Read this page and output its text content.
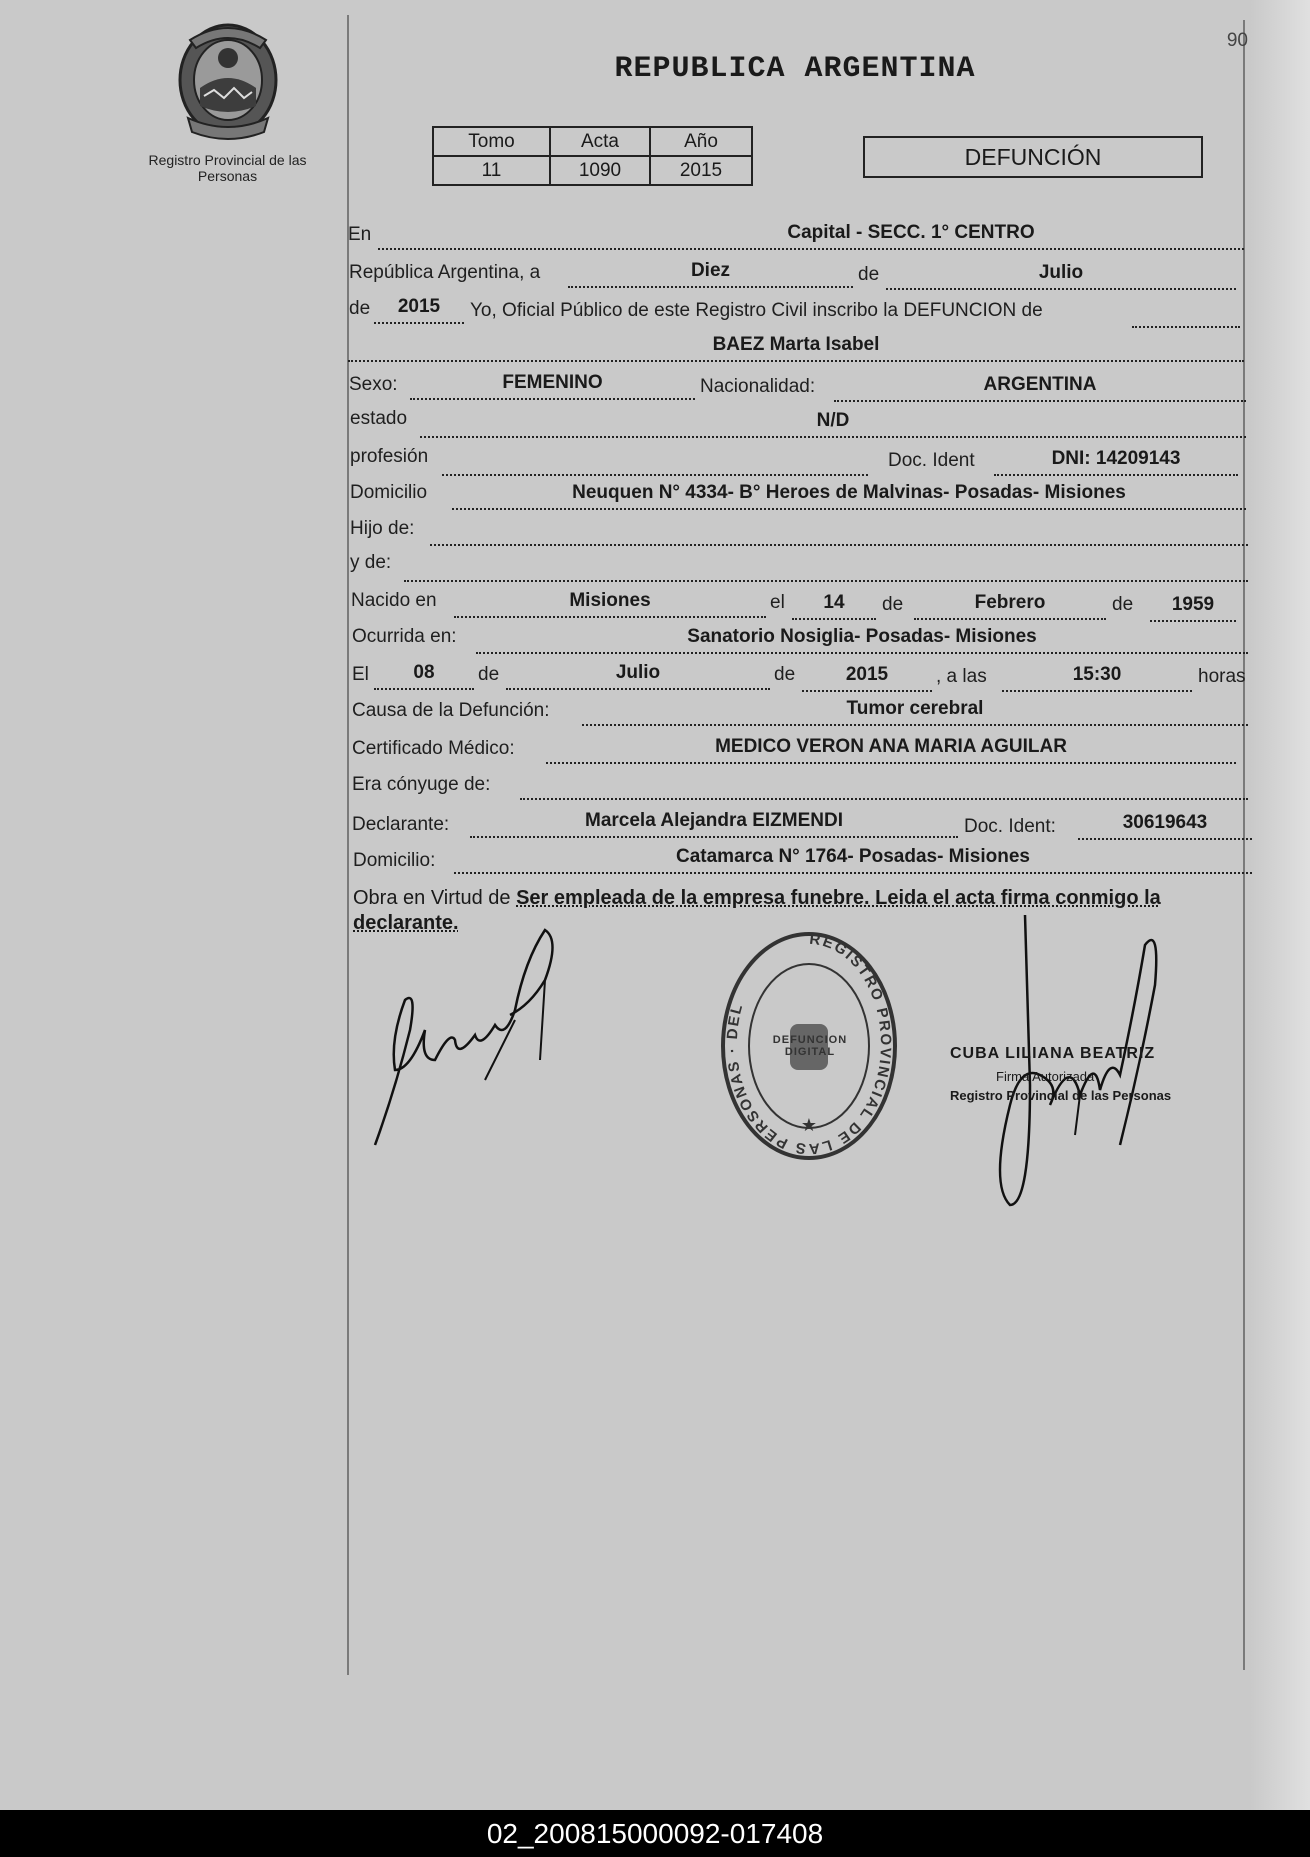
Registro Provincial de las Personas
90
REPUBLICA ARGENTINA
Tomo	Acta	Año
11	1090	2015	DEFUNCIÓN
En	Capital - SECC. 1° CENTRO
República Argentina, a	Diez	de	Julio
de	2015	Yo, Oficial Público de este Registro Civil inscribo la DEFUNCION de
BAEZ Marta Isabel
Sexo:	FEMENINO	Nacionalidad:	ARGENTINA
estado	N/D
profesión	Doc. Ident	DNI: 14209143
Domicilio	Neuquen N° 4334- B° Heroes de Malvinas- Posadas- Misiones
Hijo de:
y de:
Nacido en	Misiones	el	14	de	Febrero	de	1959
Ocurrida en:	Sanatorio Nosiglia- Posadas- Misiones
El	08	de	Julio	de	2015	, a las	15:30	horas
Causa de la Defunción:	Tumor cerebral
Certificado Médico:	MEDICO VERON ANA MARIA AGUILAR
Era cónyuge de:
Declarante:	Marcela Alejandra EIZMENDI	Doc. Ident:	30619643
Domicilio:	Catamarca N° 1764- Posadas- Misiones
Obra en Virtud de Ser empleada de la empresa funebre. Leida el acta firma conmigo la declarante.
REGISTRO PROVINCIAL DE LAS PERSONAS · DEL
★
DEFUNCION DIGITAL	CUBA LILIANA BEATRIZ
Firma Autorizada
Registro Provincial de las Personas
02_200815000092-017408
